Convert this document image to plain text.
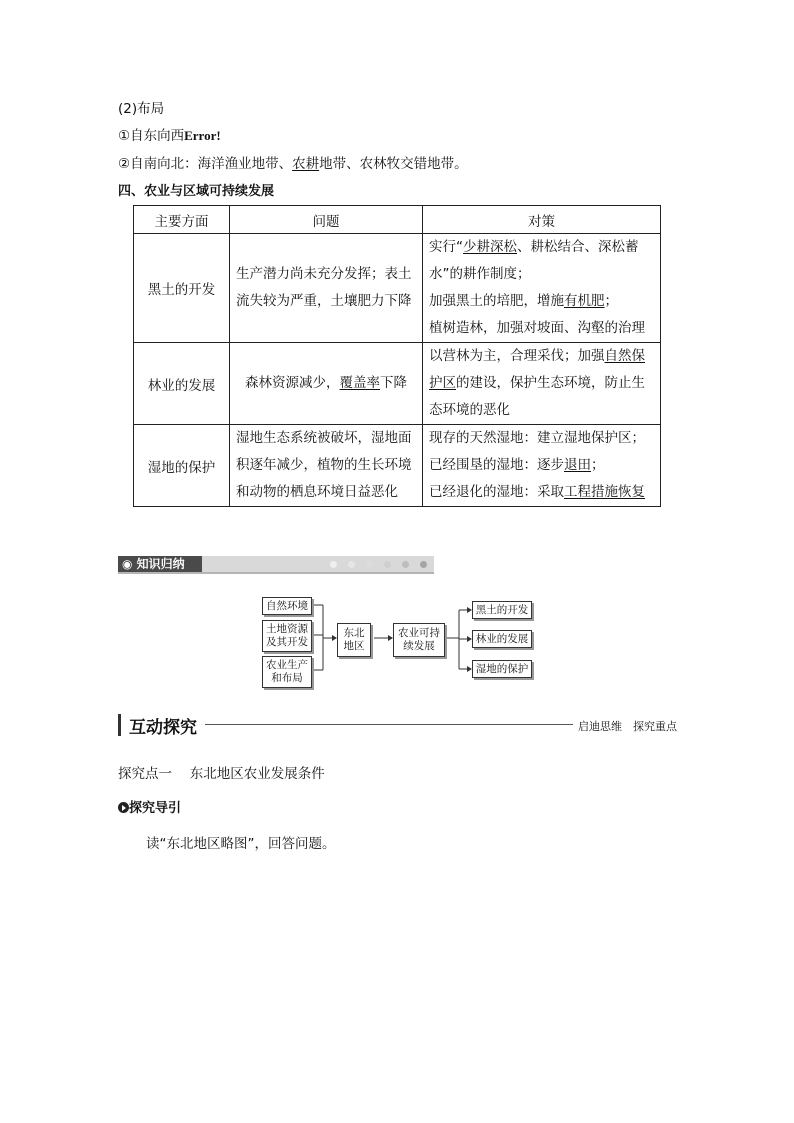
(2)布局
①自东向西Error!
②自南向北：海洋渔业地带、农耕地带、农林牧交错地带。
四、农业与区域可持续发展
主要方面	问题	对策
黑土的开发	生产潜力尚未充分发挥；表土流失较为严重，土壤肥力下降	实行“少耕深松、耕松结合、深松蓄
水”的耕作制度；
加强黑土的培肥，增施有机肥；
植树造林，加强对坡面、沟壑的治理

林业的发展	森林资源减少，覆盖率下降	以营林为主，合理采伐；加强自然保
护区的建设，保护生态环境，防止生
态环境的恶化

湿地的保护	湿地生态系统被破坏，湿地面积逐年减少，植物的生长环境和动物的栖息环境日益恶化	现存的天然湿地：建立湿地保护区；
已经围垦的湿地：逐步退田；
已经退化的湿地：采取工程措施恢复
◉ 知识归纳
自然环境
土地资源及其开发
农业生产和布局
东北地区
农业可持续发展
黑土的开发
林业的发展
湿地的保护
互动探究	启迪思维　探究重点
探究点一　 东北地区农业发展条件
探究导引
读“东北地区略图”，回答问题。
